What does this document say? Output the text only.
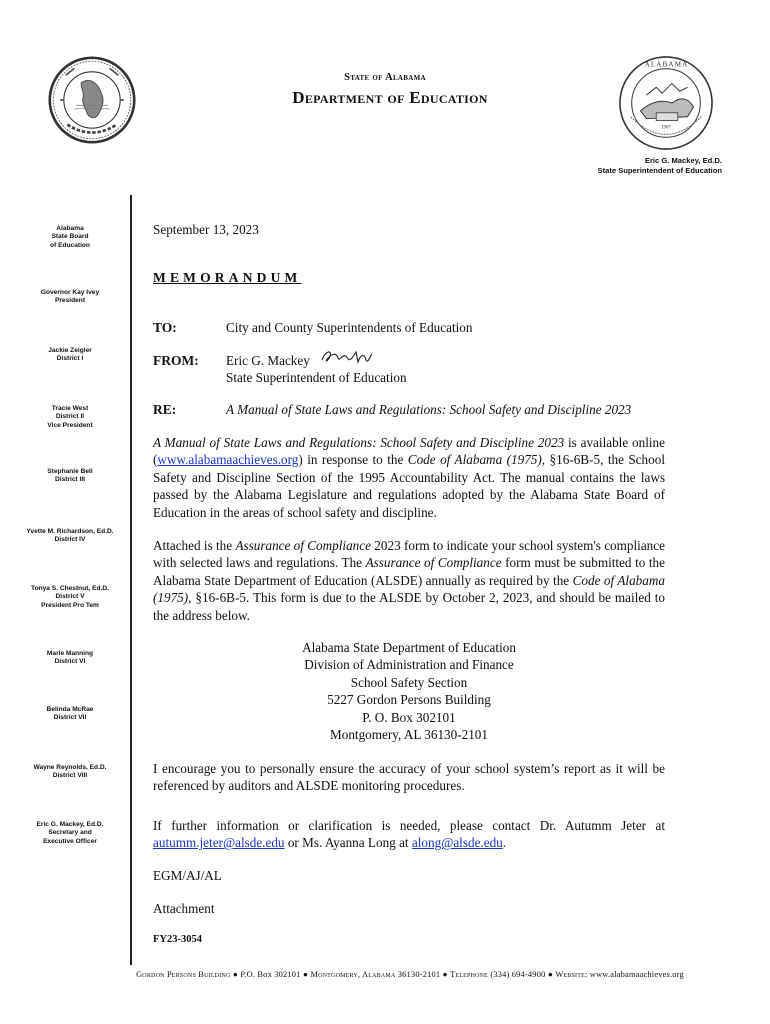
A L A B A M A
1907
State of Alabama
Department of Education
Eric G. Mackey, Ed.D.
State Superintendent of Education
Alabama
State Board
of Education
Governor Kay Ivey
President
Jackie Zeigler
District I
Tracie West
District II
Vice President
Stephanie Bell
District III
Yvette M. Richardson, Ed.D.
District IV
Tonya S. Chestnut, Ed.D.
District V
President Pro Tem
Marie Manning
District VI
Belinda McRae
District VII
Wayne Reynolds, Ed.D.
District VIII
Eric G. Mackey, Ed.D.
Secretary and
Executive Officer
September 13, 2023
MEMORANDUM
TO:	City and County Superintendents of Education
FROM: Eric G. Mackey
State Superintendent of Education
RE:	A Manual of State Laws and Regulations: School Safety and Discipline 2023

A Manual of State Laws and Regulations: School Safety and Discipline 2023 is available online (www.alabamaachieves.org) in response to the Code of Alabama (1975), §16-6B-5, the School Safety and Discipline Section of the 1995 Accountability Act. The manual contains the laws passed by the Alabama Legislature and regulations adopted by the Alabama State Board of Education in the areas of school safety and discipline.

Attached is the Assurance of Compliance 2023 form to indicate your school system's compliance with selected laws and regulations. The Assurance of Compliance form must be submitted to the Alabama State Department of Education (ALSDE) annually as required by the Code of Alabama (1975), §16-6B-5. This form is due to the ALSDE by October 2, 2023, and should be mailed to the address below.

Alabama State Department of Education
Division of Administration and Finance
School Safety Section
5227 Gordon Persons Building
P. O. Box 302101
Montgomery, AL 36130-2101

I encourage you to personally ensure the accuracy of your school system’s report as it will be referenced by auditors and ALSDE monitoring procedures.

If further information or clarification is needed, please contact Dr. Autumm Jeter at autumm.jeter@alsde.edu or Ms. Ayanna Long at along@alsde.edu.

EGM/AJ/AL
Attachment
FY23-3054
Gordon Persons Building ● P.O. Box 302101 ● Montgomery, Alabama 36130-2101 ● Telephone (334) 694-4900 ● Website: www.alabamaachieves.org
